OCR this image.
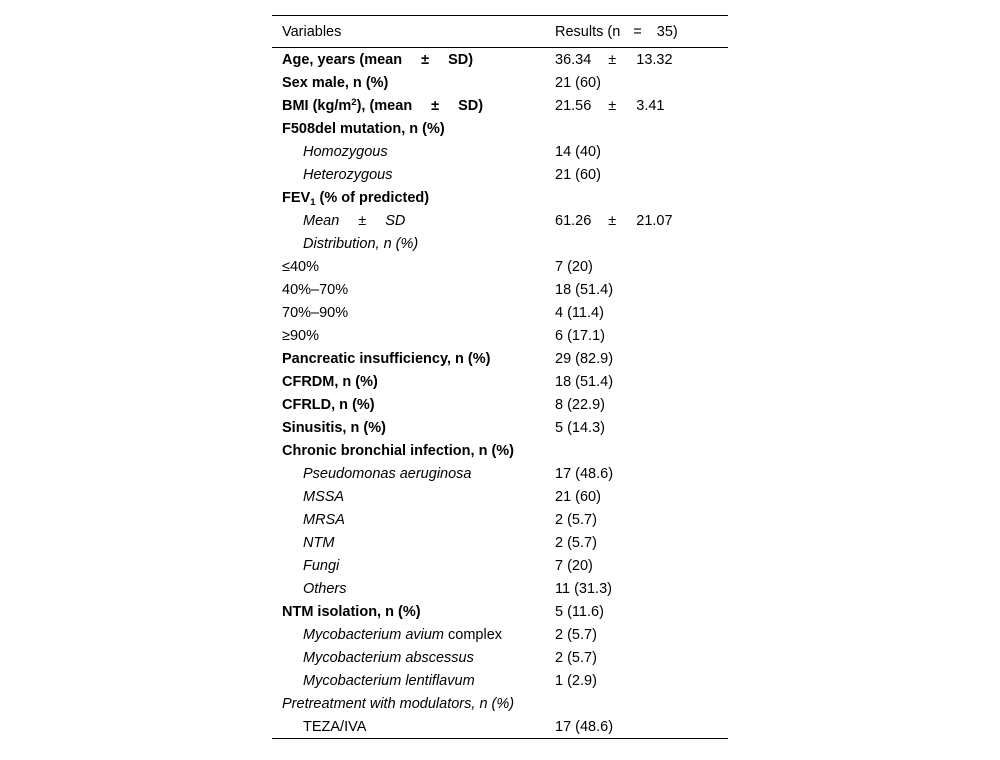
Variables	Results (n = 35)
Age, years (mean ± SD)	36.34 ± 13.32
Sex male, n (%)	21 (60)
BMI $(kg/m^2)$, (mean ± SD)	21.56 ± 3.41
F508del mutation, n (%)
Homozygous	14 (40)
Heterozygous	21 (60)
$FEV_1$ (% of predicted)
Mean ± SD	61.26 ± 21.07
Distribution, n (%)
≤40%	7 (20)
40%–70%	18 (51.4)
70%–90%	4 (11.4)
≥90%	6 (17.1)
Pancreatic insufficiency, n (%)	29 (82.9)
CFRDM, n (%)	18 (51.4)
CFRLD, n (%)	8 (22.9)
Sinusitis, n (%)	5 (14.3)
Chronic bronchial infection, n (%)
Pseudomonas aeruginosa	17 (48.6)
MSSA	21 (60)
MRSA	2 (5.7)
NTM	2 (5.7)
Fungi	7 (20)
Others	11 (31.3)
NTM isolation, n (%)	5 (11.6)
Mycobacterium avium complex	2 (5.7)
Mycobacterium abscessus	2 (5.7)
Mycobacterium lentiflavum	1 (2.9)
Pretreatment with modulators, n (%)
TEZA/IVA	17 (48.6)
